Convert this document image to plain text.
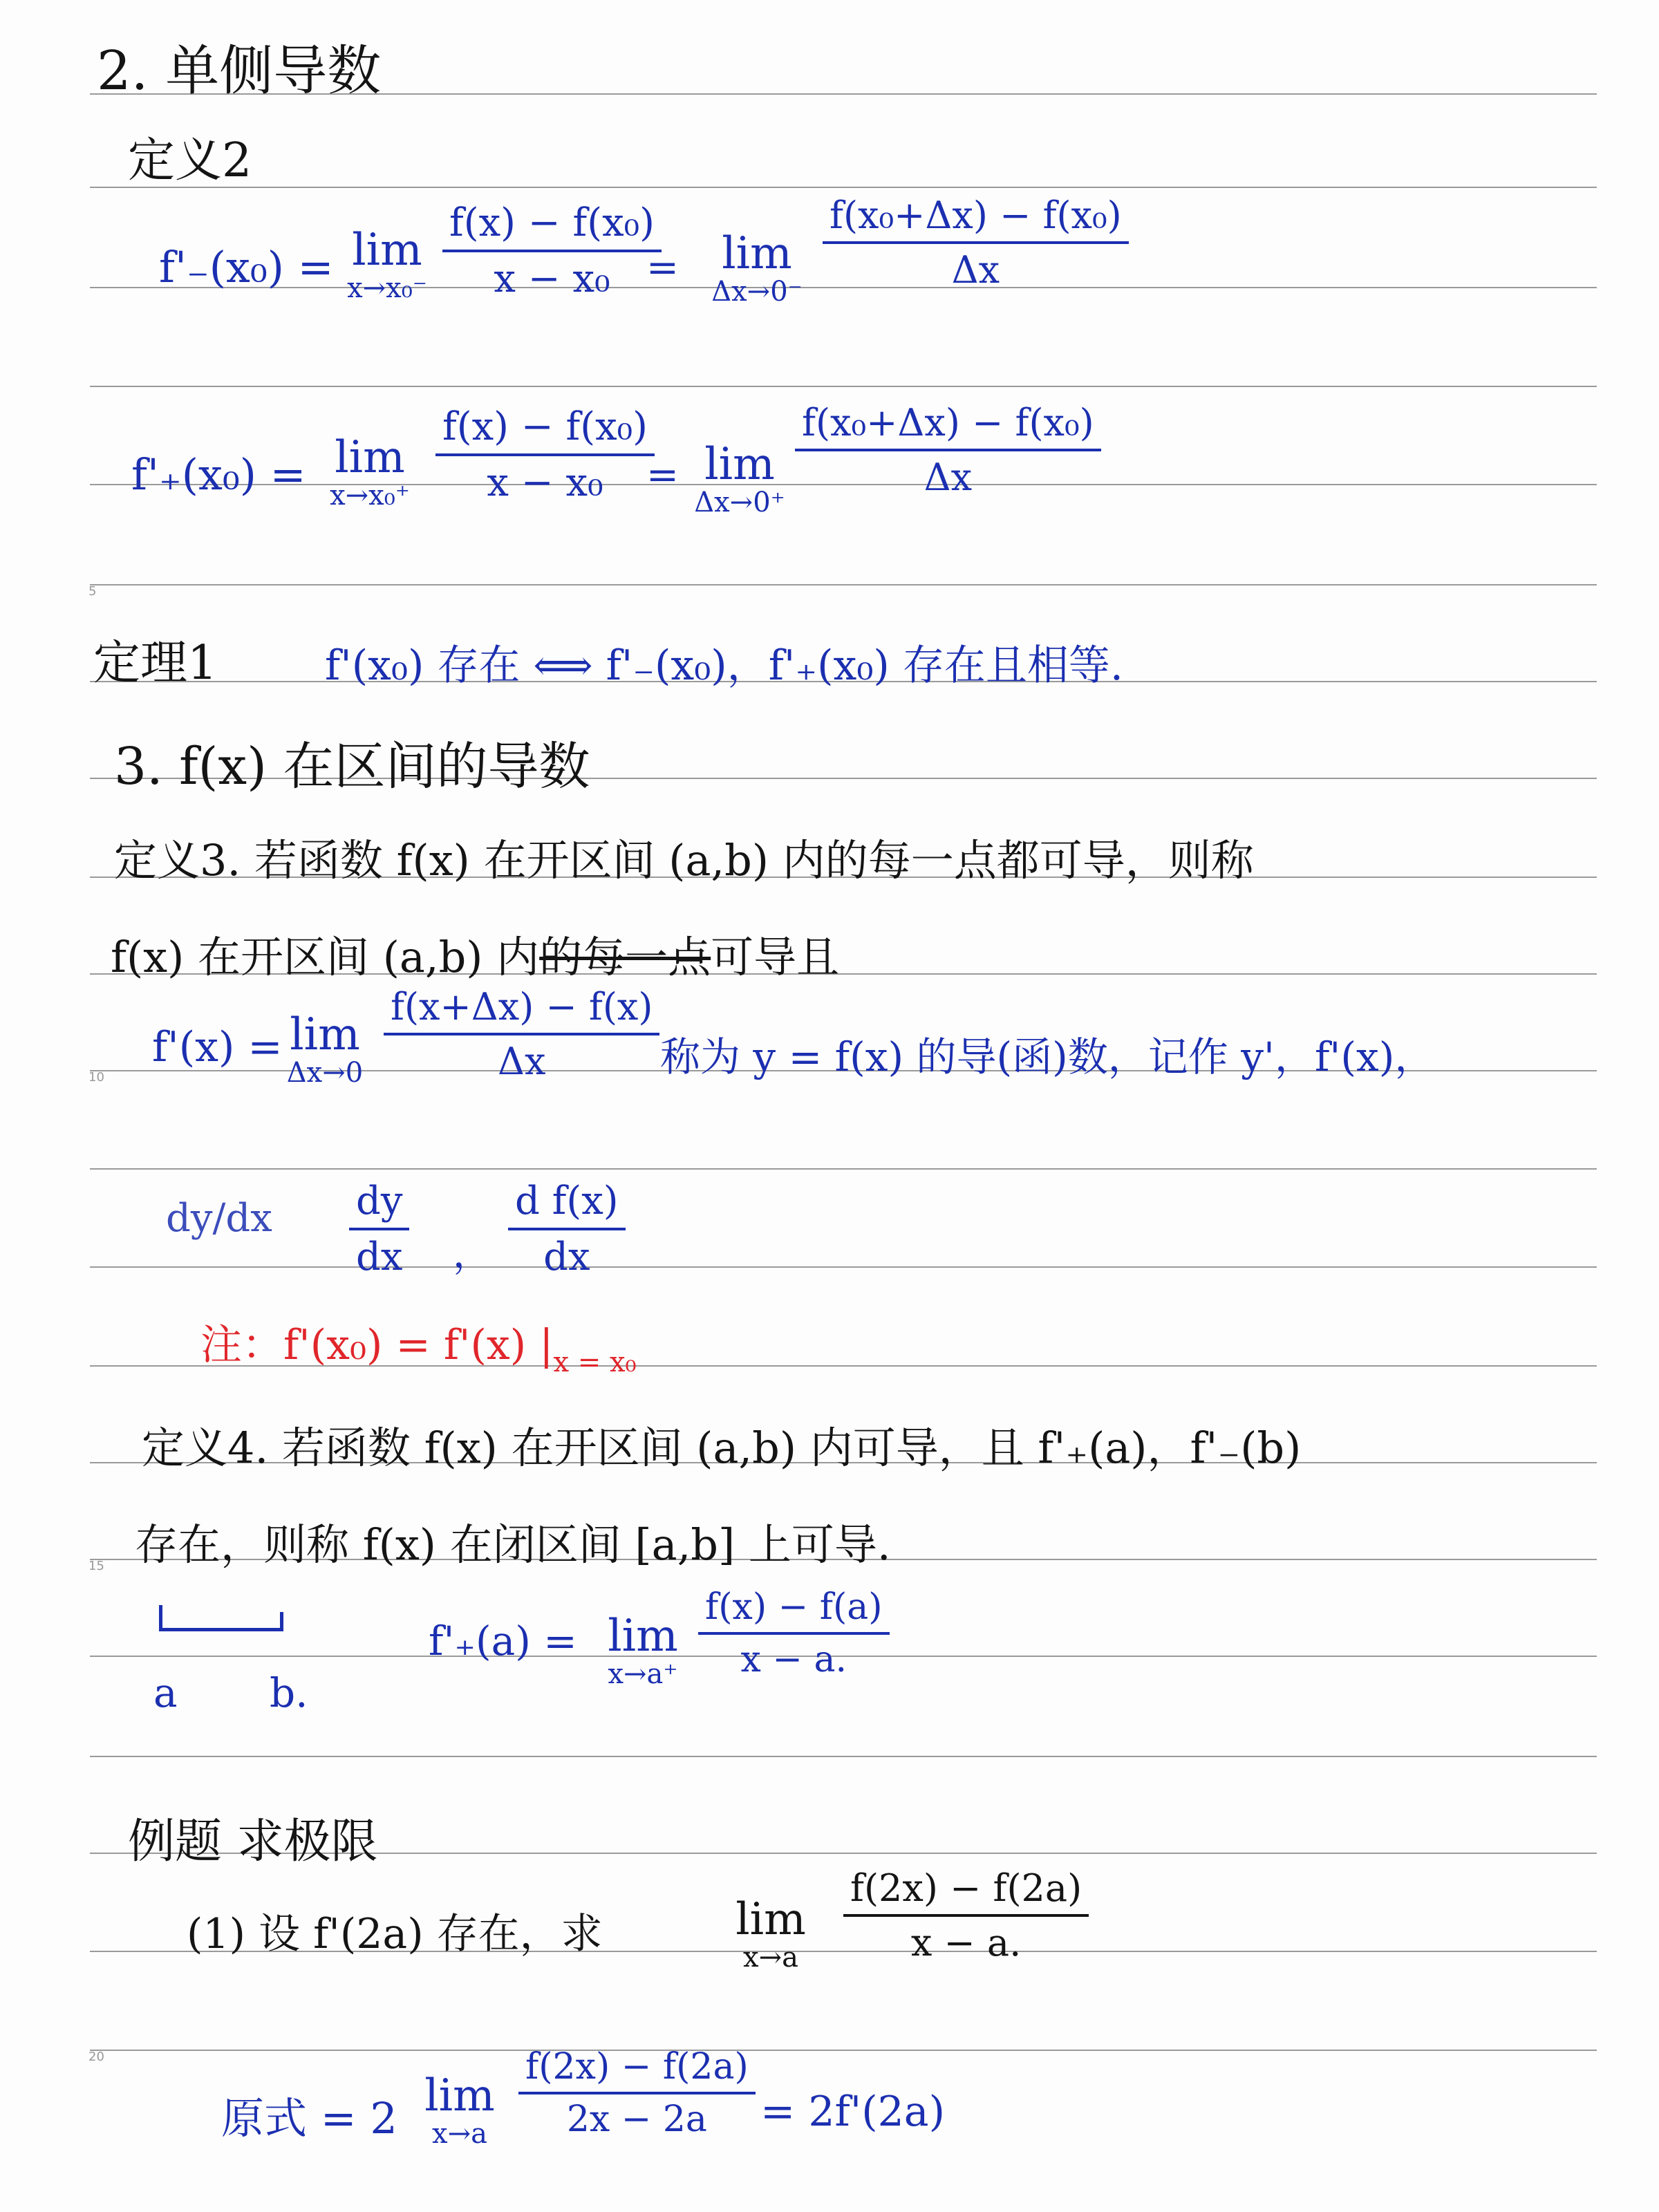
5
10
15
20
2. 单侧导数
定义2
f'₋(x₀) = lim
$x\to x_0^- \frac{\text{f(x) − f(x₀)}}{\text{x − x₀}}$
= lim
$\Delta x\to 0^- \frac{\text{f(x₀+Δx) − f(x₀)}}{\Delta x}$
f'₊(x₀) = lim
$x\to x_0^+ \frac{\text{f(x) − f(x₀)}}{\text{x − x₀}}$
= lim
Δx→0⁺
$\frac{\text{f(x₀+Δx) − f(x₀)}}{\Delta x}$
定理1	f'(x₀) 存在 ⟺ f'₋(x₀)，f'₊(x₀) 存在且相等.
3. f(x) 在区间的导数
定义3. 若函数 f(x) 在开区间 (a,b) 内的每一点都可导，则称
f(x) 在开区间 (a,b) 内的每一点可导且
f'(x) = lim
$\Delta x\to 0 \frac{f(x+\Delta x) - f(x)}{\Delta x}$ 称为 y = f(x) 的导(函)数，记作 y'，f'(x)，
$dy/dx \frac{dy}{dx}$ ， $\frac{\text{d f(x)}}{dx}$
注：f'(x₀) = f'(x) $|_{x = x_0}$
定义4. 若函数 f(x) 在开区间 (a,b) 内可导，且 f'₊(a)，f'₋(b)
存在，则称 f(x) 在闭区间 [a,b] 上可导.
a b.
f'₊(a) = lim
$x\to a^+ \frac{f(x) - f(a)}{x - a.}$
例题 求极限
(1) 设 f'(2a) 存在，求	lim
x→a	$\frac{f(2x) - f(2a)}{x - a.}$
原式 = 2 lim
$x\to a \frac{f(2x) - f(2a)}{2x - 2a} = 2f'(2a)$
